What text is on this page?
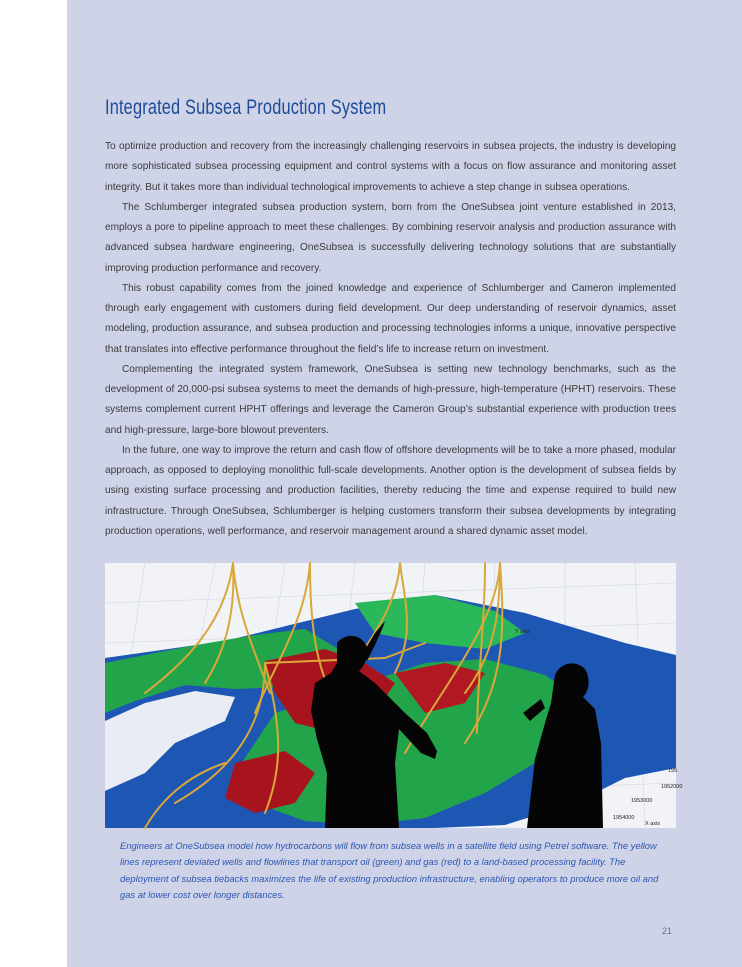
Integrated Subsea Production System

To optimize production and recovery from the increasingly challenging reservoirs in subsea projects, the industry is developing more sophisticated subsea processing equipment and control systems with a focus on flow assurance and monitoring asset integrity. But it takes more than individual technological improvements to achieve a step change in subsea operations.

The Schlumberger integrated subsea production system, born from the OneSubsea joint venture established in 2013, employs a pore to pipeline approach to meet these challenges. By combining reservoir analysis and production assurance with advanced subsea hardware engineering, OneSubsea is successfully delivering technology solutions that are substantially improving production performance and recovery.

This robust capability comes from the joined knowledge and experience of Schlumberger and Cameron implemented through early engagement with customers during field development. Our deep understanding of reservoir dynamics, asset modeling, production assurance, and subsea production and processing technologies informs a unique, innovative perspective that translates into effective performance throughout the field’s life to increase return on investment.

Complementing the integrated system framework, OneSubsea is setting new technology benchmarks, such as the development of 20,000-psi subsea systems to meet the demands of high-pressure, high-temperature (HPHT) reservoirs. These systems complement current HPHT offerings and leverage the Cameron Group’s substantial experience with production trees and high-pressure, large-bore blowout preventers.

In the future, one way to improve the return and cash flow of offshore developments will be to take a more phased, modular approach, as opposed to deploying monolithic full-scale developments. Another option is the development of subsea fields by using existing surface processing and production facilities, thereby reducing the time and expense required to build new infrastructure. Through OneSubsea, Schlumberger is helping customers transform their subsea developments by integrating production operations, well performance, and reservoir management around a shared dynamic asset model.

Y axis
195
1952000
1953000
1954000
X axis

Engineers at OneSubsea model how hydrocarbons will flow from subsea wells in a satellite field using Petrel software. The yellow lines represent deviated wells and flowlines that transport oil (green) and gas (red) to a land-based processing facility. The deployment of subsea tiebacks maximizes the life of existing production infrastructure, enabling operators to produce more oil and gas at lower cost over longer distances.

21
